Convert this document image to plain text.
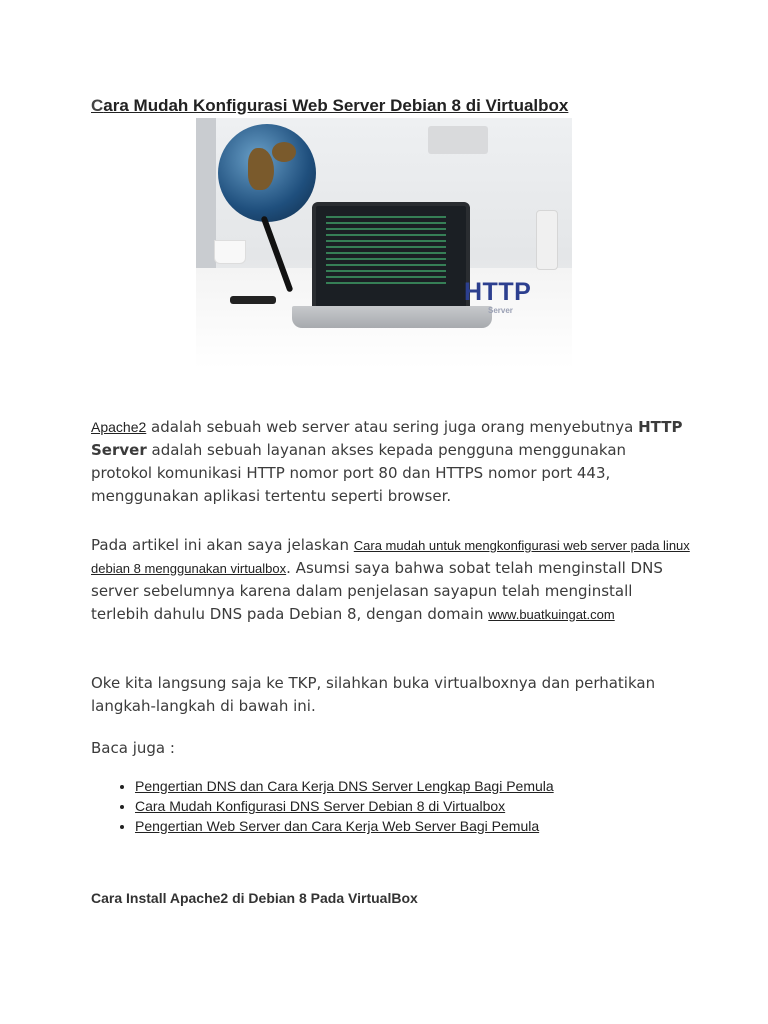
Cara Mudah Konfigurasi Web Server Debian 8 di Virtualbox
HTTP
Server

Apache2 adalah sebuah web server atau sering juga orang menyebutnya HTTP Server adalah sebuah layanan akses kepada pengguna menggunakan protokol komunikasi HTTP nomor port 80 dan HTTPS nomor port 443, menggunakan aplikasi tertentu seperti browser.

Pada artikel ini akan saya jelaskan Cara mudah untuk mengkonfigurasi web server pada linux debian 8 menggunakan virtualbox. Asumsi saya bahwa sobat telah menginstall DNS server sebelumnya karena dalam penjelasan sayapun telah menginstall terlebih dahulu DNS pada Debian 8, dengan domain www.buatkuingat.com

Oke kita langsung saja ke TKP, silahkan buka virtualboxnya dan perhatikan langkah-langkah di bawah ini.

Baca juga :

• Pengertian DNS dan Cara Kerja DNS Server Lengkap Bagi Pemula
• Cara Mudah Konfigurasi DNS Server Debian 8 di Virtualbox
• Pengertian Web Server dan Cara Kerja Web Server Bagi Pemula
Cara Install Apache2 di Debian 8 Pada VirtualBox
